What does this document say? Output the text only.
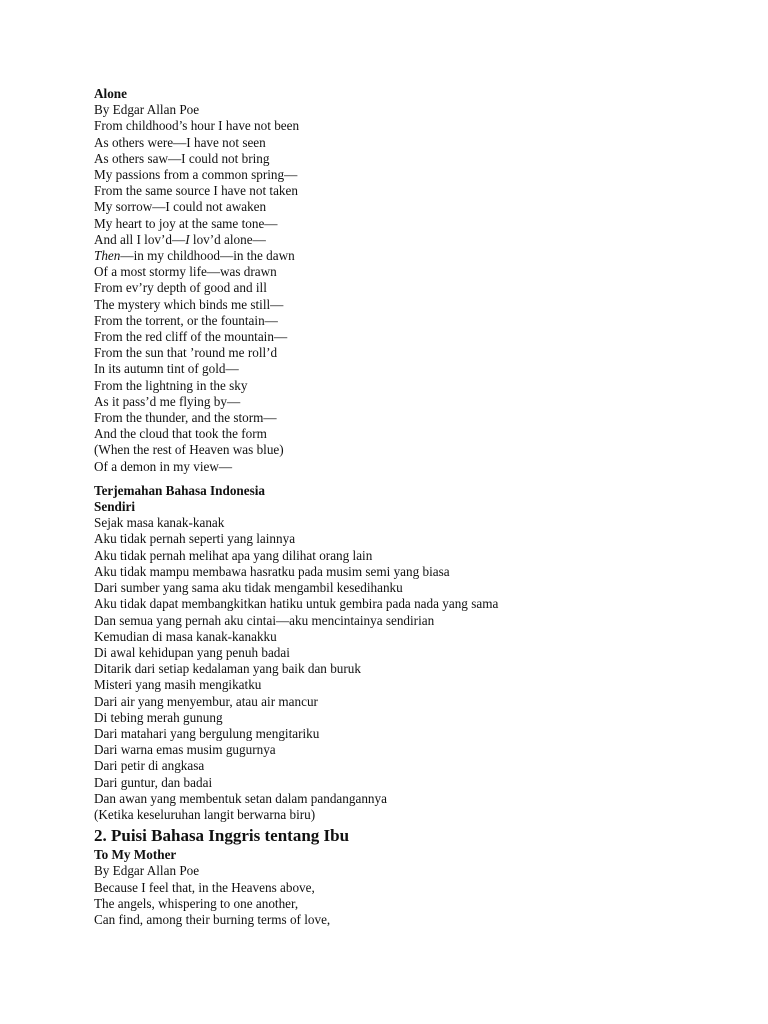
Alone
By Edgar Allan Poe
From childhood’s hour I have not been
As others were—I have not seen
As others saw—I could not bring
My passions from a common spring—
From the same source I have not taken
My sorrow—I could not awaken
My heart to joy at the same tone—
And all I lov’d—I lov’d alone—
Then—in my childhood—in the dawn
Of a most stormy life—was drawn
From ev’ry depth of good and ill
The mystery which binds me still—
From the torrent, or the fountain—
From the red cliff of the mountain—
From the sun that ’round me roll’d
In its autumn tint of gold—
From the lightning in the sky
As it pass’d me flying by—
From the thunder, and the storm—
And the cloud that took the form
(When the rest of Heaven was blue)
Of a demon in my view—
Terjemahan Bahasa Indonesia
Sendiri
Sejak masa kanak-kanak
Aku tidak pernah seperti yang lainnya
Aku tidak pernah melihat apa yang dilihat orang lain
Aku tidak mampu membawa hasratku pada musim semi yang biasa
Dari sumber yang sama aku tidak mengambil kesedihanku
Aku tidak dapat membangkitkan hatiku untuk gembira pada nada yang sama
Dan semua yang pernah aku cintai—aku mencintainya sendirian
Kemudian di masa kanak-kanakku
Di awal kehidupan yang penuh badai
Ditarik dari setiap kedalaman yang baik dan buruk
Misteri yang masih mengikatku
Dari air yang menyembur, atau air mancur
Di tebing merah gunung
Dari matahari yang bergulung mengitariku
Dari warna emas musim gugurnya
Dari petir di angkasa
Dari guntur, dan badai
Dan awan yang membentuk setan dalam pandangannya
(Ketika keseluruhan langit berwarna biru)
2. Puisi Bahasa Inggris tentang Ibu
To My Mother
By Edgar Allan Poe
Because I feel that, in the Heavens above,
The angels, whispering to one another,
Can find, among their burning terms of love,
